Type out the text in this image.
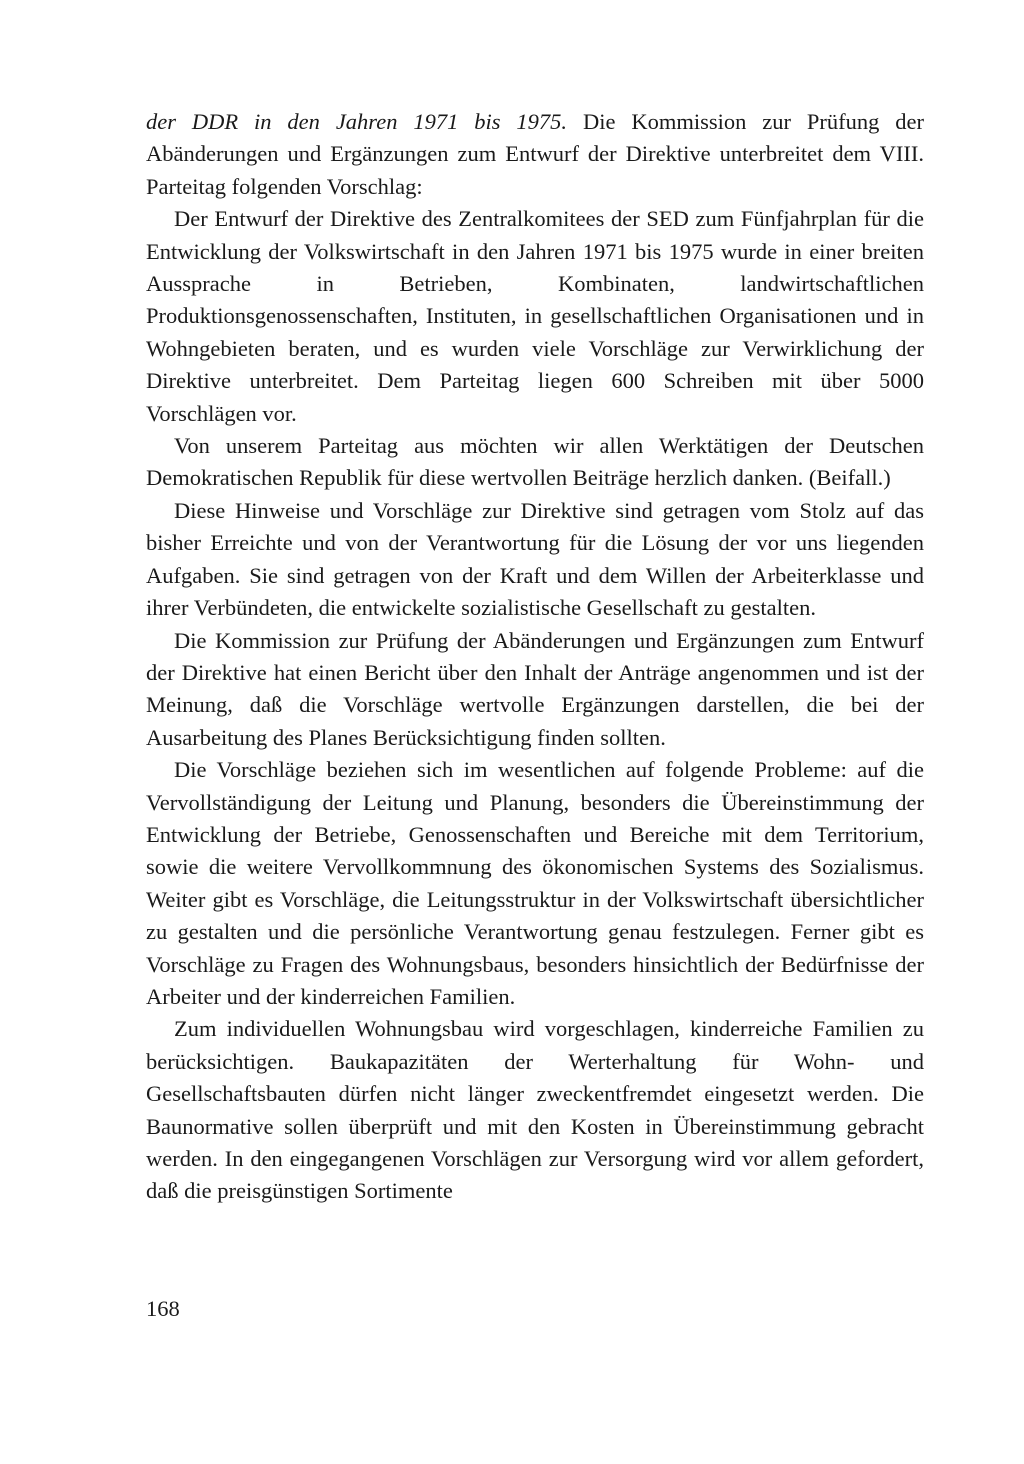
der DDR in den Jahren 1971 bis 1975. Die Kommission zur Prüfung der Abänderungen und Ergänzungen zum Entwurf der Direktive unterbreitet dem VIII. Parteitag folgenden Vorschlag:

Der Entwurf der Direktive des Zentralkomitees der SED zum Fünfjahrplan für die Entwicklung der Volkswirtschaft in den Jahren 1971 bis 1975 wurde in einer breiten Aussprache in Betrieben, Kombinaten, landwirtschaftlichen Produktionsgenossenschaften, Instituten, in gesellschaftlichen Organisationen und in Wohngebieten beraten, und es wurden viele Vorschläge zur Verwirklichung der Direktive unterbreitet. Dem Parteitag liegen 600 Schreiben mit über 5000 Vorschlägen vor.

Von unserem Parteitag aus möchten wir allen Werktätigen der Deutschen Demokratischen Republik für diese wertvollen Beiträge herzlich danken. (Beifall.)

Diese Hinweise und Vorschläge zur Direktive sind getragen vom Stolz auf das bisher Erreichte und von der Verantwortung für die Lösung der vor uns liegenden Aufgaben. Sie sind getragen von der Kraft und dem Willen der Arbeiterklasse und ihrer Verbündeten, die entwickelte sozialistische Gesellschaft zu gestalten.

Die Kommission zur Prüfung der Abänderungen und Ergänzungen zum Entwurf der Direktive hat einen Bericht über den Inhalt der Anträge angenommen und ist der Meinung, daß die Vorschläge wertvolle Ergänzungen darstellen, die bei der Ausarbeitung des Planes Berücksichtigung finden sollten.

Die Vorschläge beziehen sich im wesentlichen auf folgende Probleme: auf die Vervollständigung der Leitung und Planung, besonders die Übereinstimmung der Entwicklung der Betriebe, Genossenschaften und Bereiche mit dem Territorium, sowie die weitere Vervollkommnung des ökonomischen Systems des Sozialismus. Weiter gibt es Vorschläge, die Leitungsstruktur in der Volkswirtschaft übersichtlicher zu gestalten und die persönliche Verantwortung genau festzulegen. Ferner gibt es Vorschläge zu Fragen des Wohnungsbaus, besonders hinsichtlich der Bedürfnisse der Arbeiter und der kinderreichen Familien.

Zum individuellen Wohnungsbau wird vorgeschlagen, kinderreiche Familien zu berücksichtigen. Baukapazitäten der Werterhaltung für Wohn- und Gesellschaftsbauten dürfen nicht länger zweckentfremdet eingesetzt werden. Die Baunormative sollen überprüft und mit den Kosten in Übereinstimmung gebracht werden. In den eingegangenen Vorschlägen zur Versorgung wird vor allem gefordert, daß die preisgünstigen Sortimente

168
